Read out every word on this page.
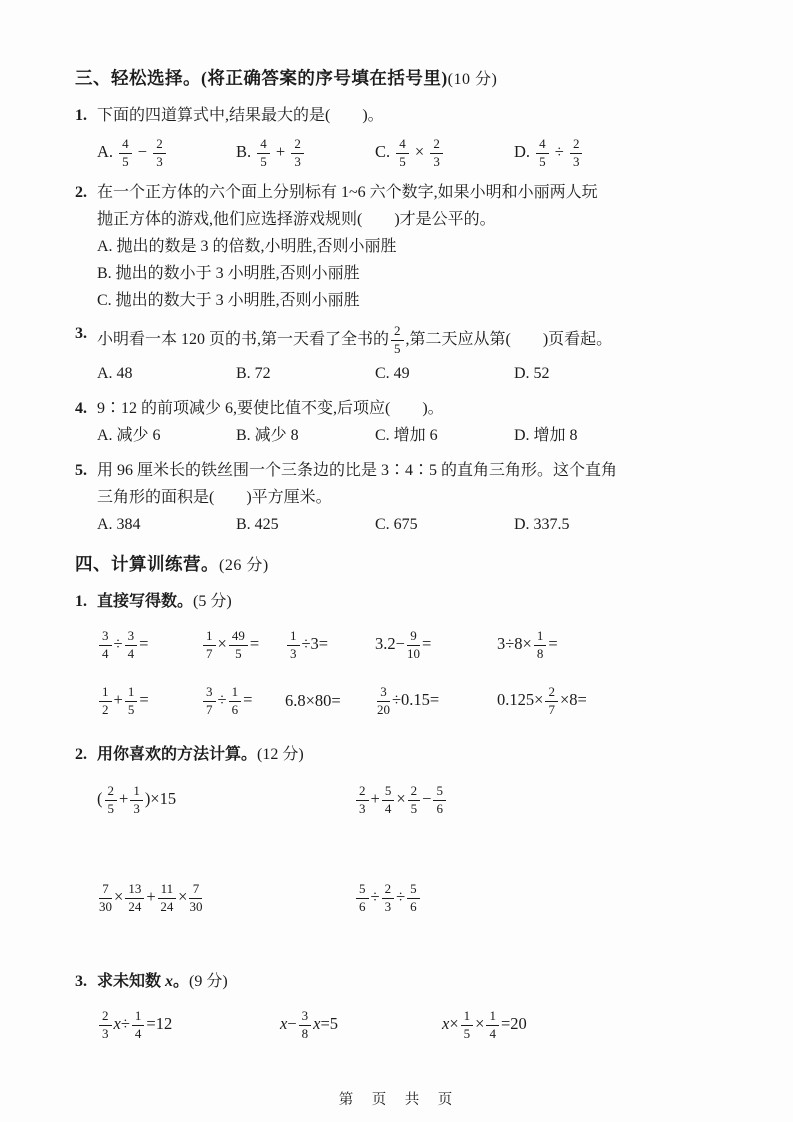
三、轻松选择。(将正确答案的序号填在括号里)(10 分)
1. 下面的四道算式中,结果最大的是(　　)。
A. $\frac{4}{5} - \frac{2}{3}$	B. $\frac{4}{5} + \frac{2}{3}$	C. $\frac{4}{5} \times \frac{2}{3}$	D. $\frac{4}{5} \div \frac{2}{3}$
2. 在一个正方体的六个面上分别标有 1~6 六个数字,如果小明和小丽两人玩
抛正方体的游戏,他们应选择游戏规则(　　)才是公平的。
A. 抛出的数是 3 的倍数,小明胜,否则小丽胜
B. 抛出的数小于 3 小明胜,否则小丽胜
C. 抛出的数大于 3 小明胜,否则小丽胜
3. 小明看一本 120 页的书,第一天看了全书的 $\frac{2}{5}$ ,第二天应从第(　　)页看起。
A. 48	B. 72	C. 49	D. 52
4. 9∶12 的前项减少 6,要使比值不变,后项应(　　)。
A. 减少 6	B. 减少 8	C. 增加 6	D. 增加 8
5. 用 96 厘米长的铁丝围一个三条边的比是 3∶4∶5 的直角三角形。这个直角
三角形的面积是(　　)平方厘米。
A. 384	B. 425	C. 675	D. 337.5
四、计算训练营。(26 分)
1. 直接写得数。(5 分)
$\frac{3}{4} \div \frac{3}{4}$ =	$\frac{1}{7} \times \frac{49}{5}$ =	$\frac{1}{3} \div 3=$	$3.2- \frac{9}{10}$ =	$3\div 8\times \frac{1}{8}$ =
$\frac{1}{2} + \frac{1}{5}$ =	$\frac{3}{7} \div \frac{1}{6}$ =	6.8×80=	$\frac{3}{20} \div 0.15=$	$0.125\times \frac{2}{7} \times 8=$
2. 用你喜欢的方法计算。(12 分)
( $\frac{2}{5} + \frac{1}{3} )\times 15$	$\frac{2}{3} + \frac{5}{4} \times \frac{2}{5} - \frac{5}{6}$
$\frac{7}{30} \times \frac{13}{24} + \frac{11}{24} \times \frac{7}{30}$	$\frac{5}{6} \div \frac{2}{3} \div \frac{5}{6}$
3. 求未知数 x。(9 分)
$\frac{2}{3} x\div \frac{1}{4} =12$	$x- \frac{3}{8} x=5$	$x\times \frac{1}{5} \times \frac{1}{4} =20$
第　页　共　页
